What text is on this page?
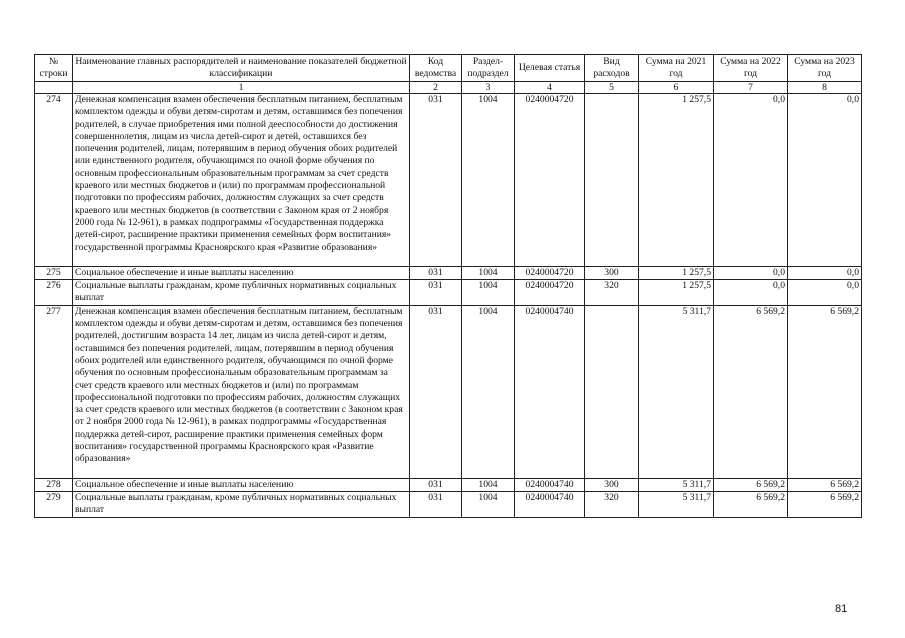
№ строки	Наименование главных распорядителей и наименование показателей бюджетной классификации	Код ведомства	Раздел-подраздел	Целевая статья	Вид расходов	Сумма на 2021 год	Сумма на 2022 год	Сумма на 2023 год
	1	2	3	4	5	6	7	8
274	Денежная компенсация взамен обеспечения бесплатным питанием, бесплатным комплектом одежды и обуви детям-сиротам и детям, оставшимся без попечения родителей, в случае приобретения ими полной дееспособности до достижения совершеннолетия, лицам из числа детей-сирот и детей, оставшихся без попечения родителей, лицам, потерявшим в период обучения обоих родителей или единственного родителя, обучающимся по очной форме обучения по основным профессиональным образовательным программам за счет средств краевого или местных бюджетов и (или) по программам профессиональной подготовки по профессиям рабочих, должностям служащих за счет средств краевого или местных бюджетов (в соответствии с Законом края от 2 ноября 2000 года № 12-961), в рамках подпрограммы «Государственная поддержка детей-сирот, расширение практики применения семейных форм воспитания» государственной программы Красноярского края «Развитие образования»	031	1004	0240004720		1 257,5	0,0	0,0
275	Социальное обеспечение и иные выплаты населению	031	1004	0240004720	300	1 257,5	0,0	0,0
276	Социальные выплаты гражданам, кроме публичных нормативных социальных выплат	031	1004	0240004720	320	1 257,5	0,0	0,0
277	Денежная компенсация взамен обеспечения бесплатным питанием, бесплатным комплектом одежды и обуви детям-сиротам и детям, оставшимся без попечения родителей, достигшим возраста 14 лет, лицам из числа детей-сирот и детям, оставшимся без попечения родителей, лицам, потерявшим в период обучения обоих родителей или единственного родителя, обучающимся по очной форме обучения по основным профессиональным образовательным программам за счет средств краевого или местных бюджетов и (или) по программам профессиональной подготовки по профессиям рабочих, должностям служащих за счет средств краевого или местных бюджетов (в соответствии с Законом края от 2 ноября 2000 года № 12-961), в рамках подпрограммы «Государственная поддержка детей-сирот, расширение практики применения семейных форм воспитания» государственной программы Красноярского края «Развитие образования»	031	1004	0240004740		5 311,7	6 569,2	6 569,2
278	Социальное обеспечение и иные выплаты населению	031	1004	0240004740	300	5 311,7	6 569,2	6 569,2
279	Социальные выплаты гражданам, кроме публичных нормативных социальных выплат	031	1004	0240004740	320	5 311,7	6 569,2	6 569,2
81
